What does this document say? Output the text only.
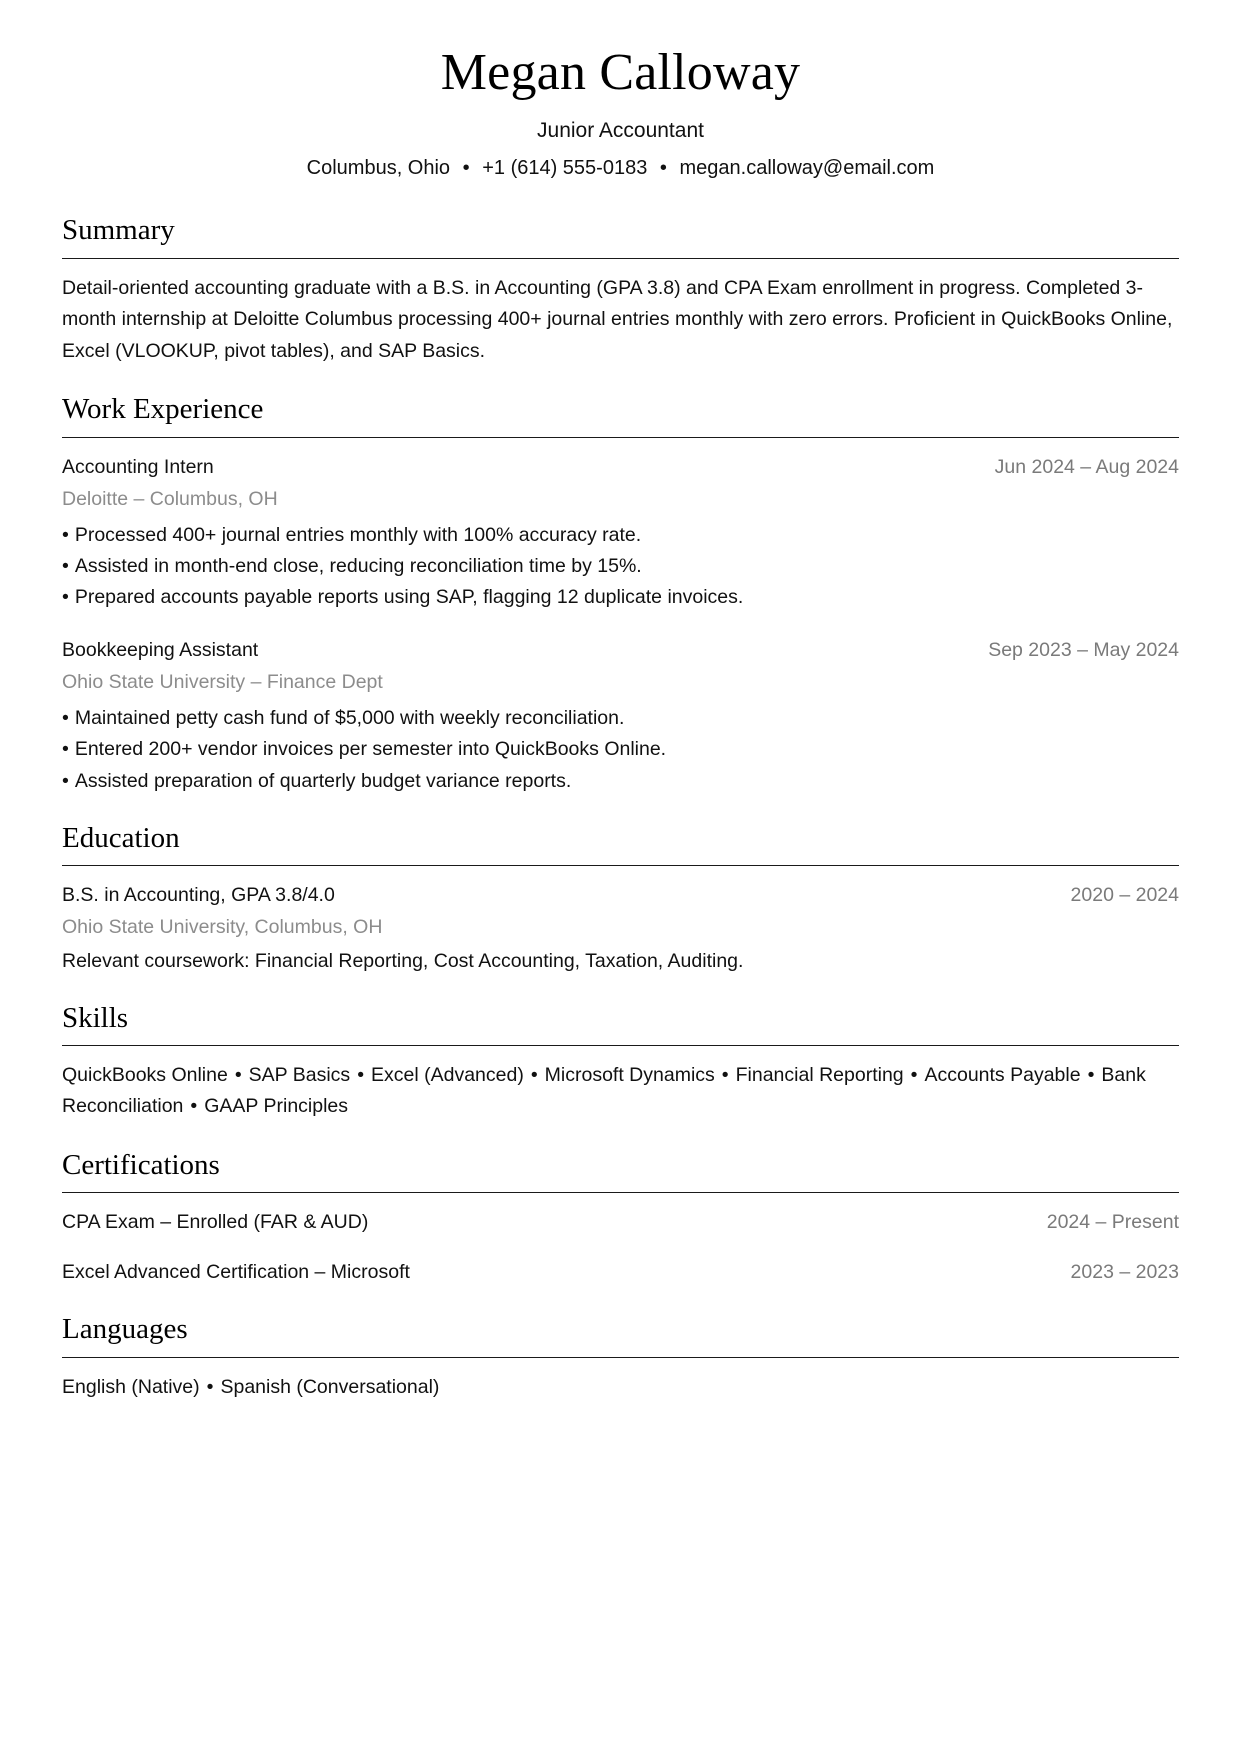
Megan Calloway
Junior Accountant
Columbus, Ohio • +1 (614) 555-0183 • megan.calloway@email.com
Summary

Detail-oriented accounting graduate with a B.S. in Accounting (GPA 3.8) and CPA Exam enrollment in progress. Completed 3-month internship at Deloitte Columbus processing 400+ journal entries monthly with zero errors. Proficient in QuickBooks Online, Excel (VLOOKUP, pivot tables), and SAP Basics.

Work Experience
Accounting Intern	Jun 2024 – Aug 2024
Deloitte – Columbus, OH
• Processed 400+ journal entries monthly with 100% accuracy rate.
• Assisted in month-end close, reducing reconciliation time by 15%.
• Prepared accounts payable reports using SAP, flagging 12 duplicate invoices.
Bookkeeping Assistant	Sep 2023 – May 2024
Ohio State University – Finance Dept
• Maintained petty cash fund of $5,000 with weekly reconciliation.
• Entered 200+ vendor invoices per semester into QuickBooks Online.
• Assisted preparation of quarterly budget variance reports.
Education
B.S. in Accounting, GPA 3.8/4.0	2020 – 2024
Ohio State University, Columbus, OH
Relevant coursework: Financial Reporting, Cost Accounting, Taxation, Auditing.
Skills
QuickBooks Online • SAP Basics • Excel (Advanced) • Microsoft Dynamics • Financial Reporting • Accounts Payable • Bank Reconciliation • GAAP Principles
Certifications
CPA Exam – Enrolled (FAR & AUD)	2024 – Present
Excel Advanced Certification – Microsoft	2023 – 2023
Languages
English (Native) • Spanish (Conversational)
